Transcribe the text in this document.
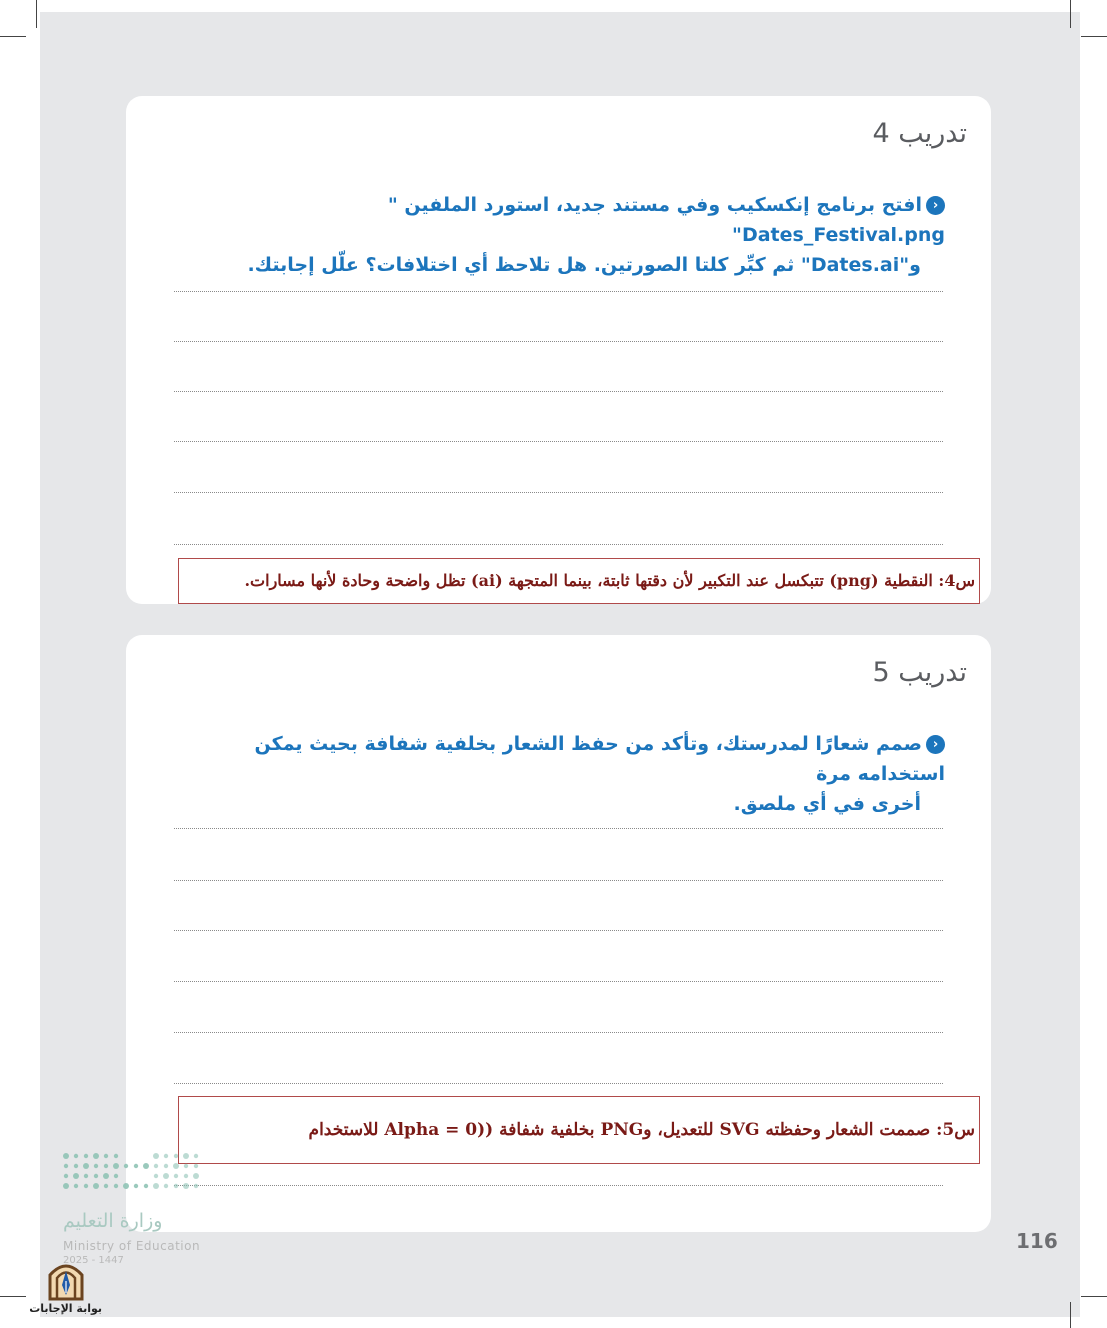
تدريب 4
‹افتح برنامج إنكسكيب وفي مستند جديد، استورد الملفين " Dates_Festival.png"
و"Dates.ai" ثم كبِّر كلتا الصورتين. هل تلاحظ أي اختلافات؟ علّل إجابتك.
س4: النقطية (png) تتبكسل عند التكبير لأن دقتها ثابتة، بينما المتجهة (ai) تظل واضحة وحادة لأنها مسارات.
تدريب 5
‹صمم شعارًا لمدرستك، وتأكد من حفظ الشعار بخلفية شفافة بحيث يمكن استخدامه مرة
أخرى في أي ملصق.
س5: صممت الشعار وحفظته SVG للتعديل، وPNG بخلفية شفافة ((Alpha = 0 للاستخدام
116
وزارة التعليم
Ministry of Education
2025 - 1447
بوابة الإجابات
